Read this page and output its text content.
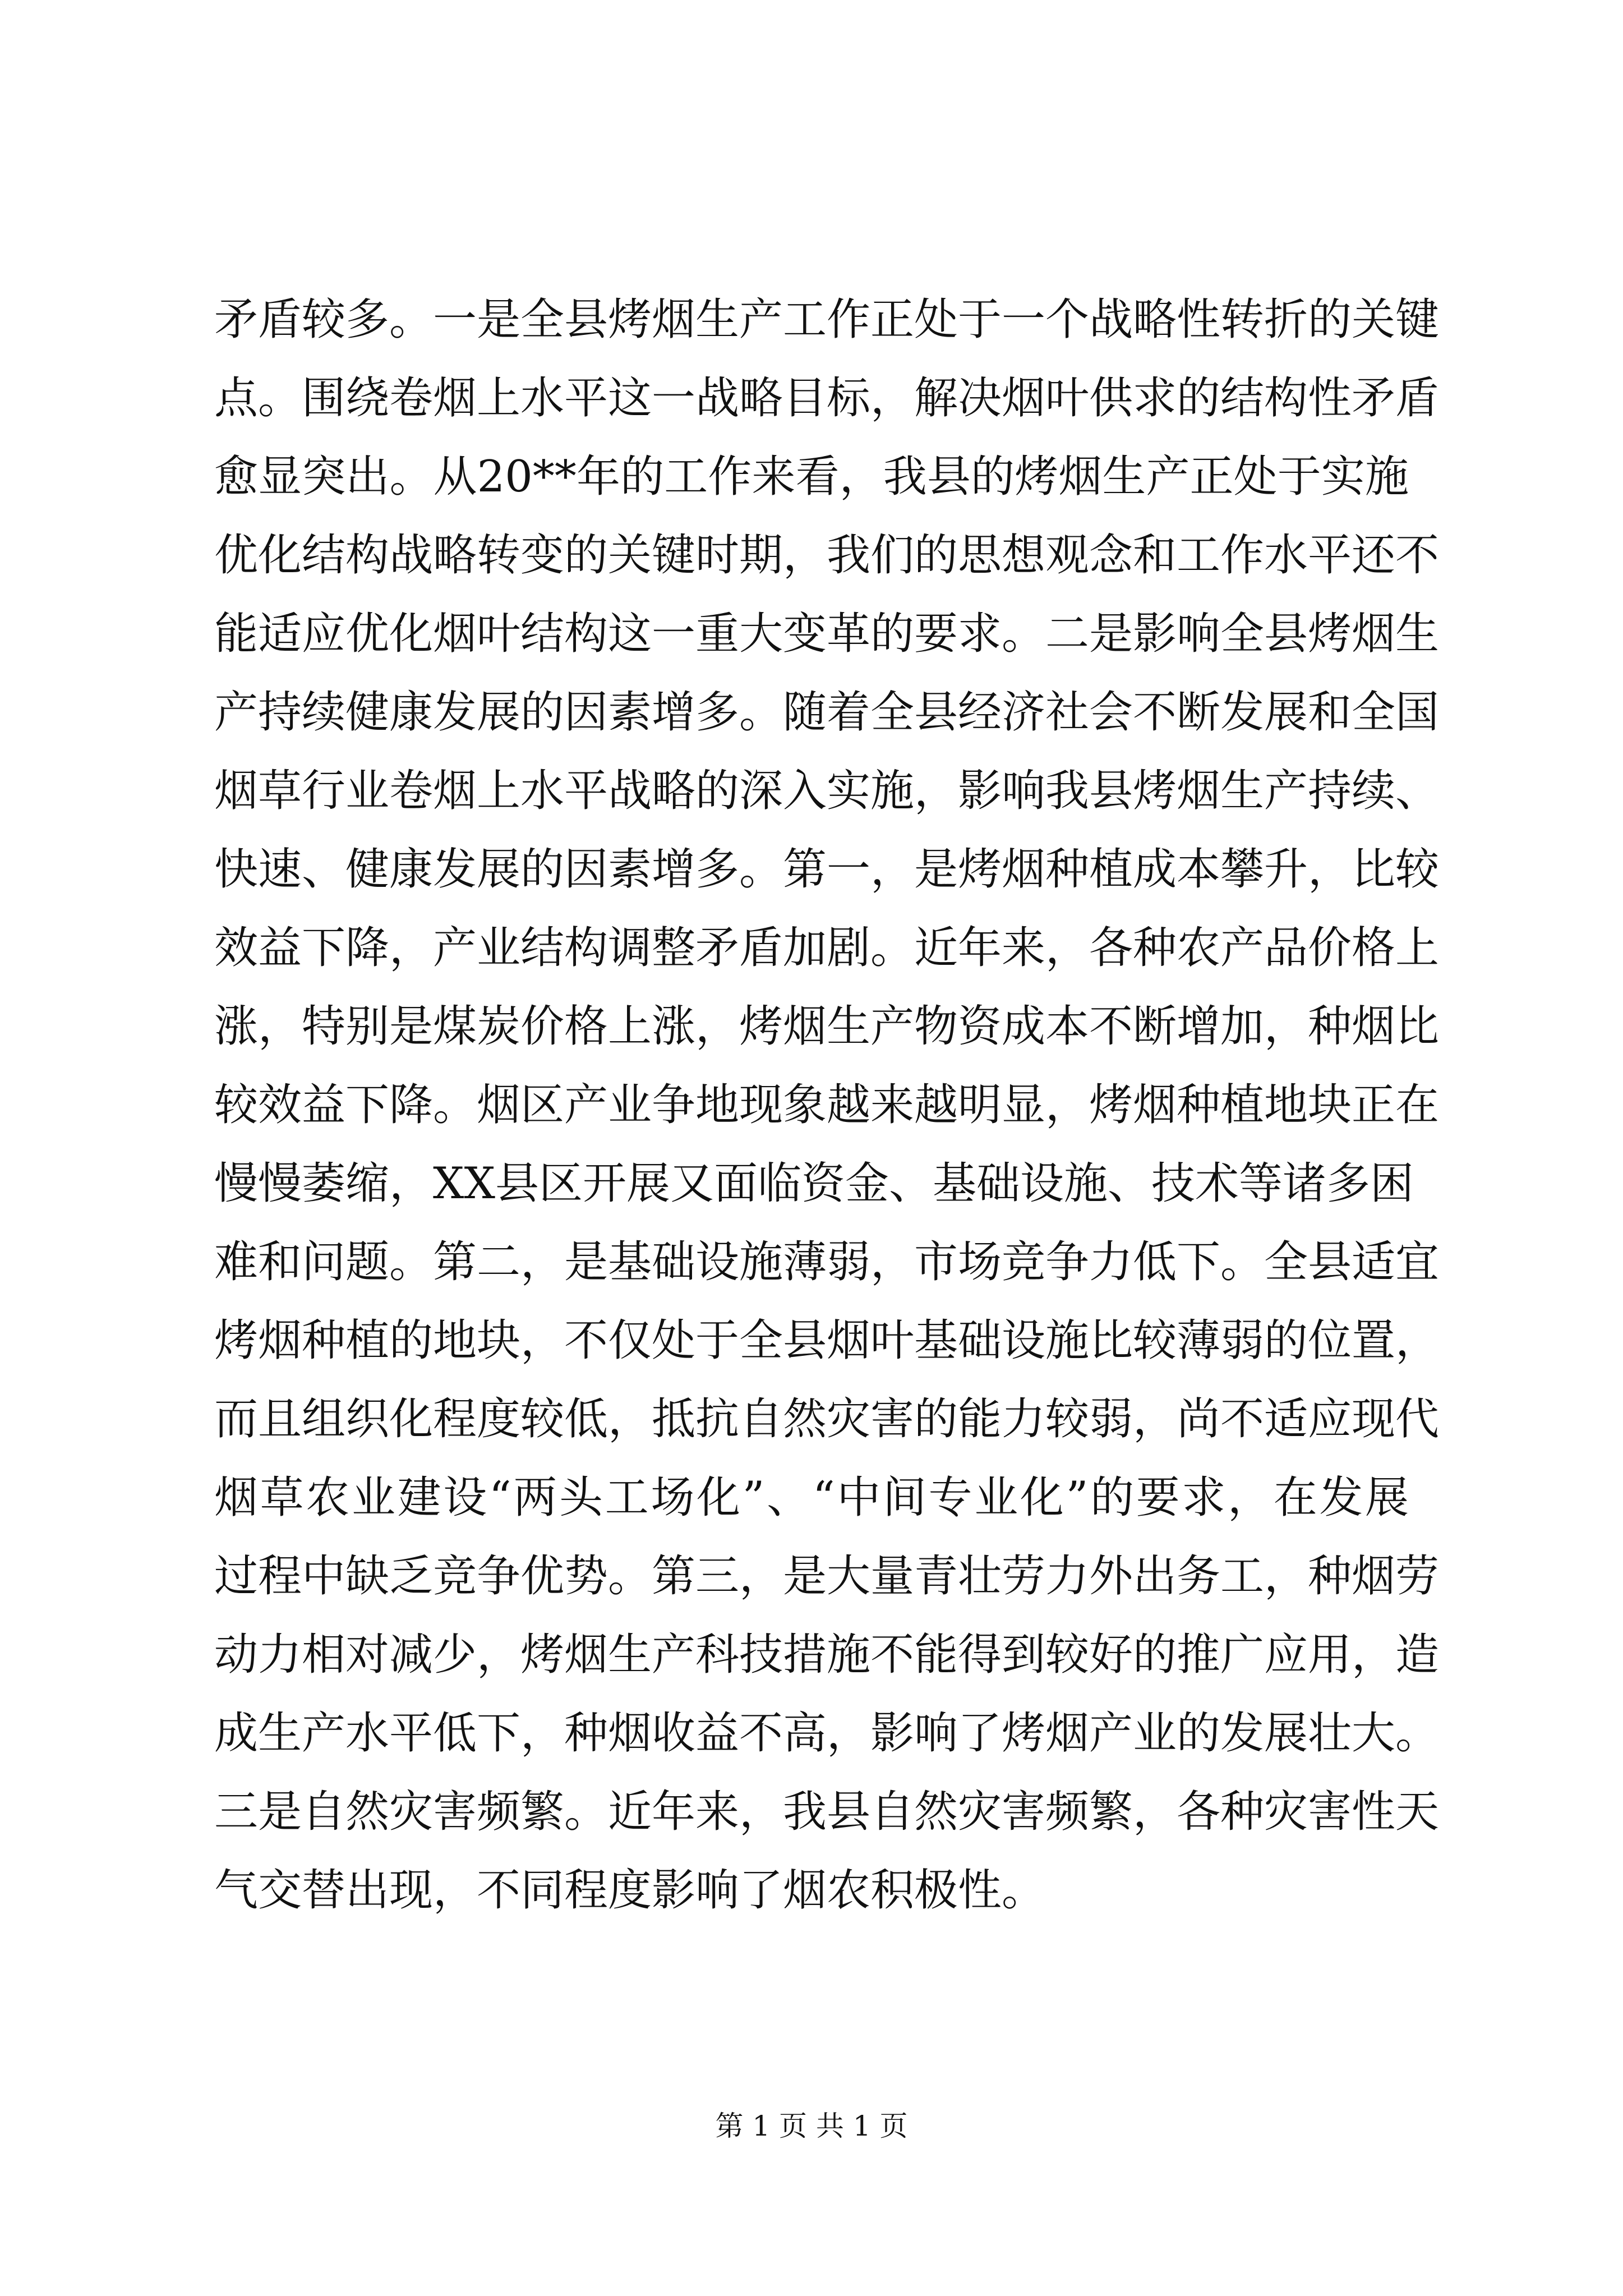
矛盾较多。一是全县烤烟生产工作正处于一个战略性转折的关键
点。围绕卷烟上水平这一战略目标，解决烟叶供求的结构性矛盾
愈显突出。从20**年的工作来看，我县的烤烟生产正处于实施
优化结构战略转变的关键时期，我们的思想观念和工作水平还不
能适应优化烟叶结构这一重大变革的要求。二是影响全县烤烟生
产持续健康发展的因素增多。随着全县经济社会不断发展和全国
烟草行业卷烟上水平战略的深入实施，影响我县烤烟生产持续、
快速、健康发展的因素增多。第一，是烤烟种植成本攀升，比较
效益下降，产业结构调整矛盾加剧。近年来，各种农产品价格上
涨，特别是煤炭价格上涨，烤烟生产物资成本不断增加，种烟比
较效益下降。烟区产业争地现象越来越明显，烤烟种植地块正在
慢慢萎缩，XX县区开展又面临资金、基础设施、技术等诸多困
难和问题。第二，是基础设施薄弱，市场竞争力低下。全县适宜
烤烟种植的地块，不仅处于全县烟叶基础设施比较薄弱的位置，
而且组织化程度较低，抵抗自然灾害的能力较弱，尚不适应现代
烟草农业建设“两头工场化”、“中间专业化”的要求，在发展
过程中缺乏竞争优势。第三，是大量青壮劳力外出务工，种烟劳
动力相对减少，烤烟生产科技措施不能得到较好的推广应用，造
成生产水平低下，种烟收益不高，影响了烤烟产业的发展壮大。
三是自然灾害频繁。近年来，我县自然灾害频繁，各种灾害性天
气交替出现，不同程度影响了烟农积极性。
第 1 页 共 1 页
